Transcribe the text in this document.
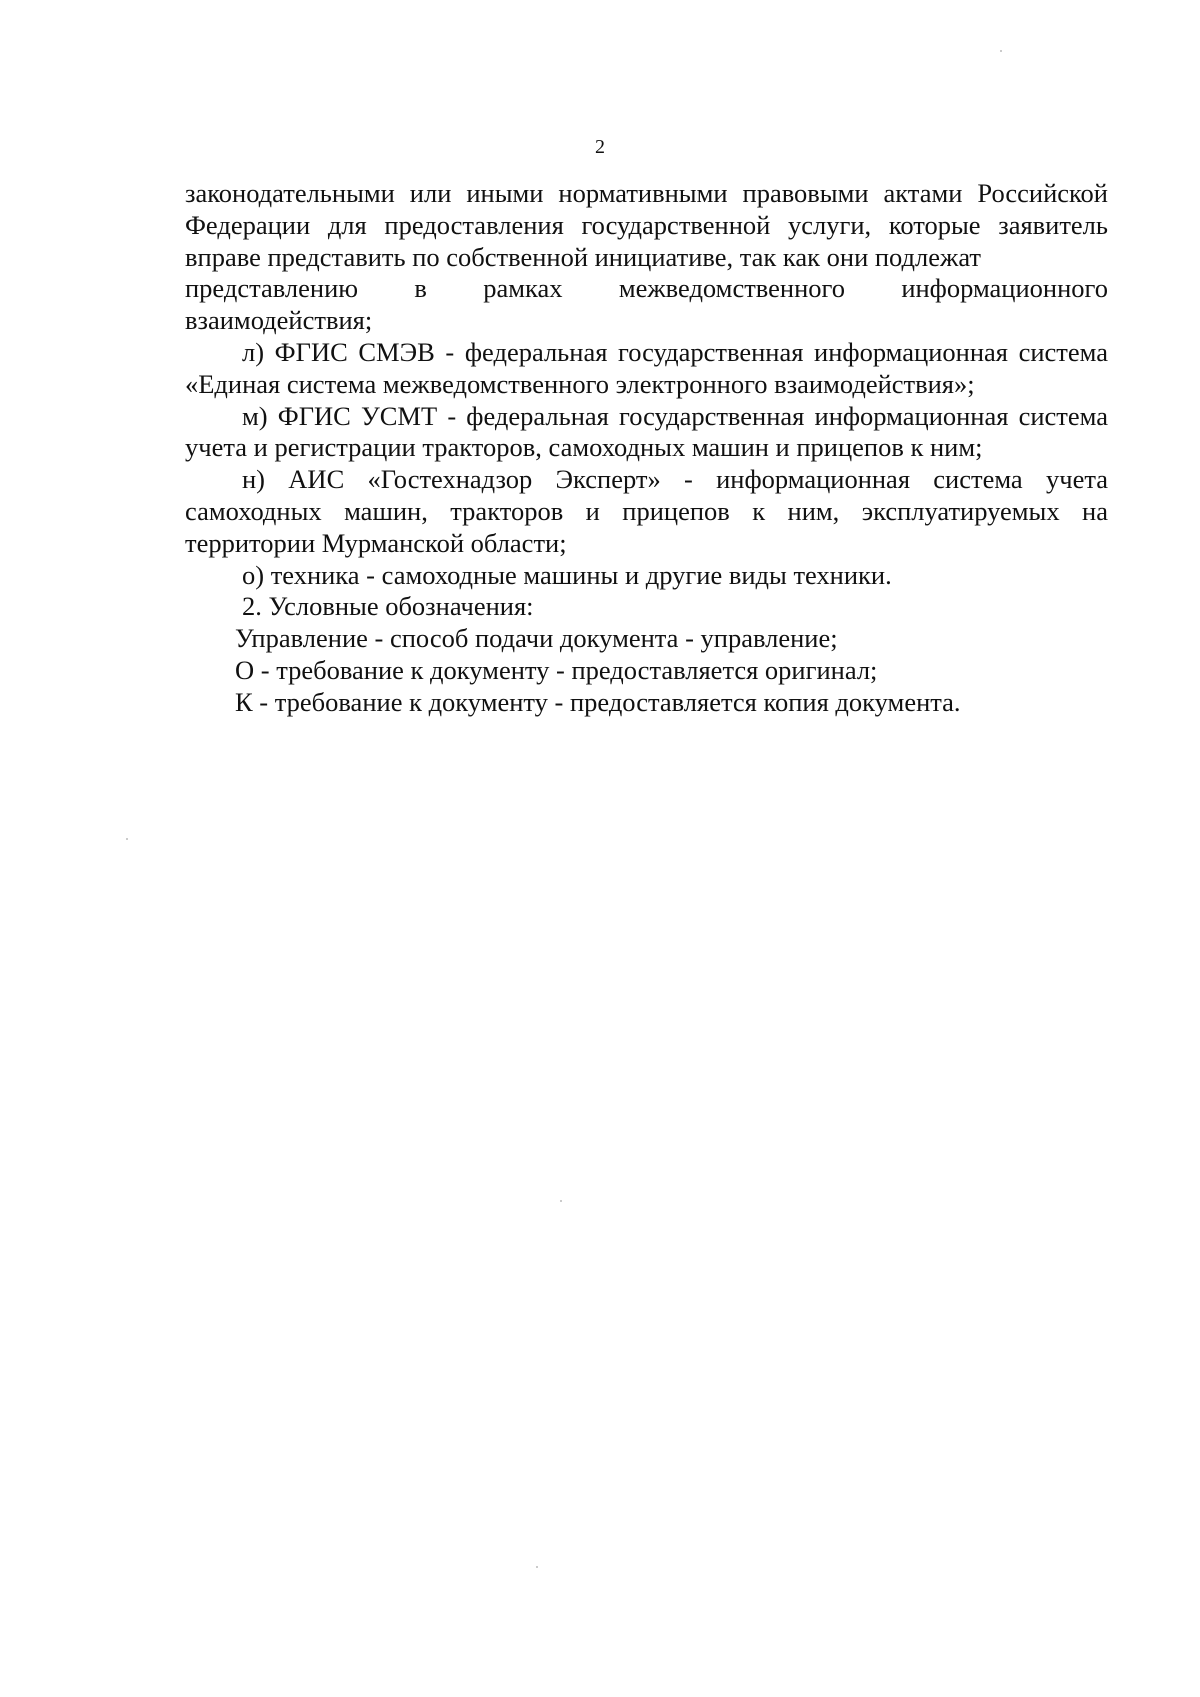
2

законодательными или иными нормативными правовыми актами Российской Федерации для предоставления государственной услуги, которые заявитель вправе представить по собственной инициативе, так как они подлежат

представлению в рамках межведомственного информационного

взаимодействия;

л) ФГИС СМЭВ - федеральная государственная информационная система «Единая система межведомственного электронного взаимодействия»;

м) ФГИС УСМТ - федеральная государственная информационная система учета и регистрации тракторов, самоходных машин и прицепов к ним;

н) АИС «Гостехнадзор Эксперт» - информационная система учета самоходных машин, тракторов и прицепов к ним, эксплуатируемых на территории Мурманской области;

о) техника - самоходные машины и другие виды техники.

2. Условные обозначения:

Управление - способ подачи документа - управление;

О - требование к документу - предоставляется оригинал;

К - требование к документу - предоставляется копия документа.
